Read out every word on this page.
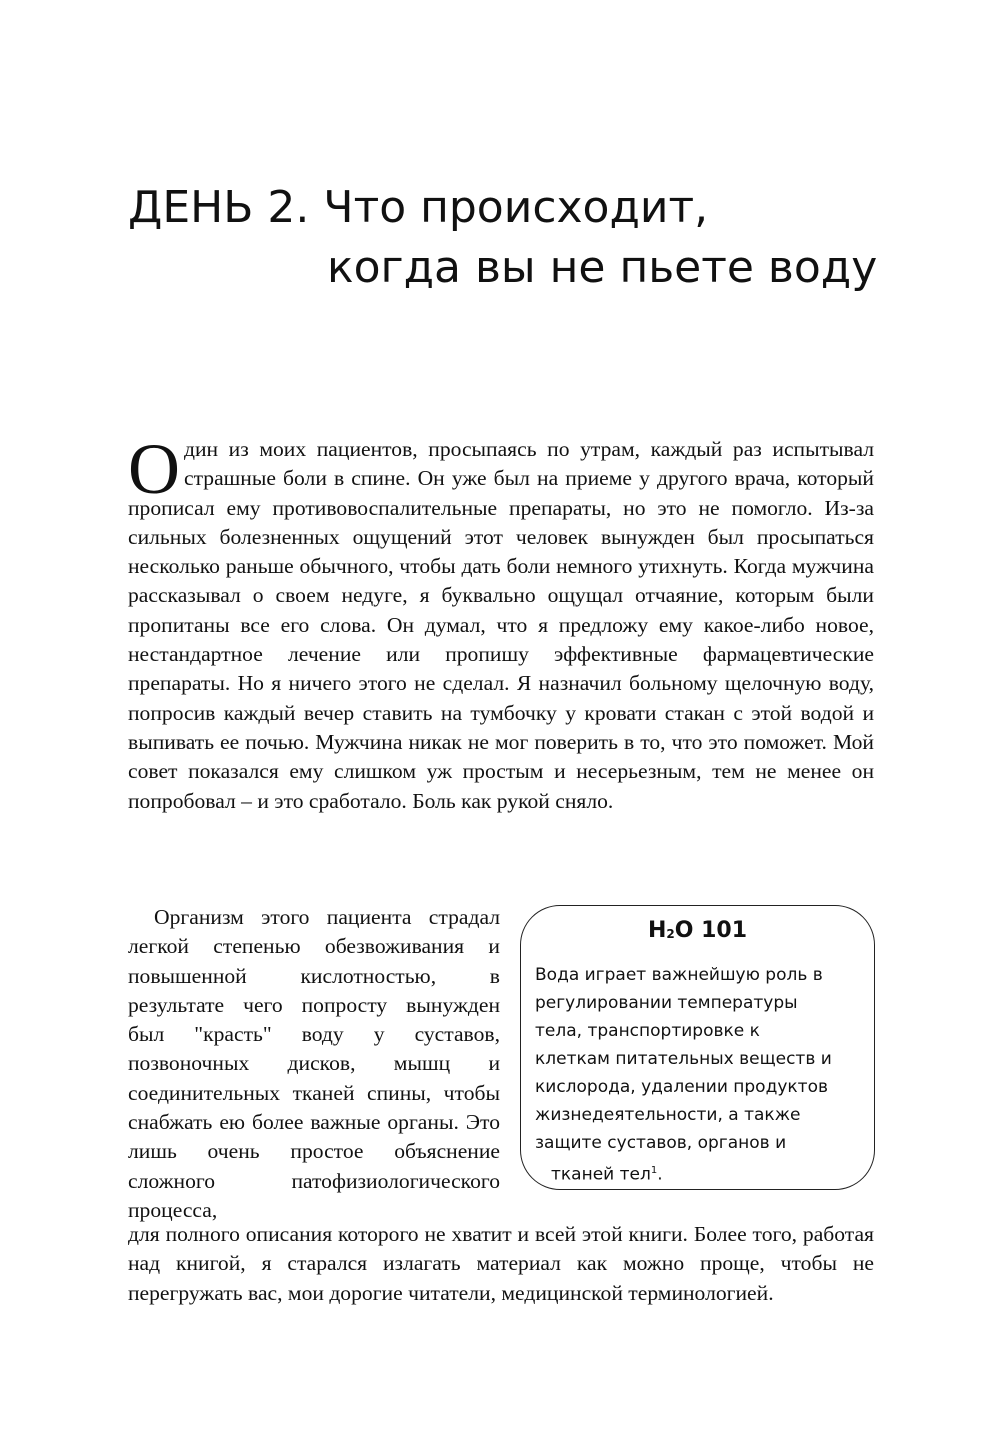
ДЕНЬ 2. Что происходит,
когда вы не пьете воду

Один из моих пациентов, просыпаясь по утрам, каждый раз испытывал страшные боли в спине. Он уже был на приеме у другого врача, который прописал ему противовоспалительные препараты, но это не помогло. Из-за сильных болезненных ощущений этот человек вынужден был просыпаться несколько раньше обычного, чтобы дать боли немного утихнуть. Когда мужчина рассказывал о своем недуге, я буквально ощущал отчаяние, которым были пропитаны все его слова. Он думал, что я предложу ему какое-либо новое, нестандартное лечение или пропишу эффективные фармацевтические препараты. Но я ничего этого не сделал. Я назначил больному щелочную воду, попросив каждый вечер ставить на тумбочку у кровати стакан с этой водой и выпивать ее почью. Мужчина никак не мог поверить в то, что это поможет. Мой совет показался ему слишком уж простым и несерьезным, тем не менее он попробовал – и это сработало. Боль как рукой сняло.

Организм этого пациента страдал легкой степенью обезвоживания и повышенной кислотностью, в результате чего попросту вынужден был "красть" воду у суставов, позвоночных дисков, мышц и соединительных тканей спины, чтобы снабжать ею более важные органы. Это лишь очень простое объяснение сложного патофизиологического процесса,

$H_2O$ 101

Вода играет важнейшую роль в
регулировании температуры
тела, транспортировке к
клеткам питательных веществ и
кислорода, удалении продуктов
жизнедеятельности, а также
защите суставов, органов и
тканей тел$^1$.

для полного описания которого не хватит и всей этой книги. Более того, работая над книгой, я старался излагать материал как можно проще, чтобы не перегружать вас, мои дорогие читатели, медицинской терминологией.
